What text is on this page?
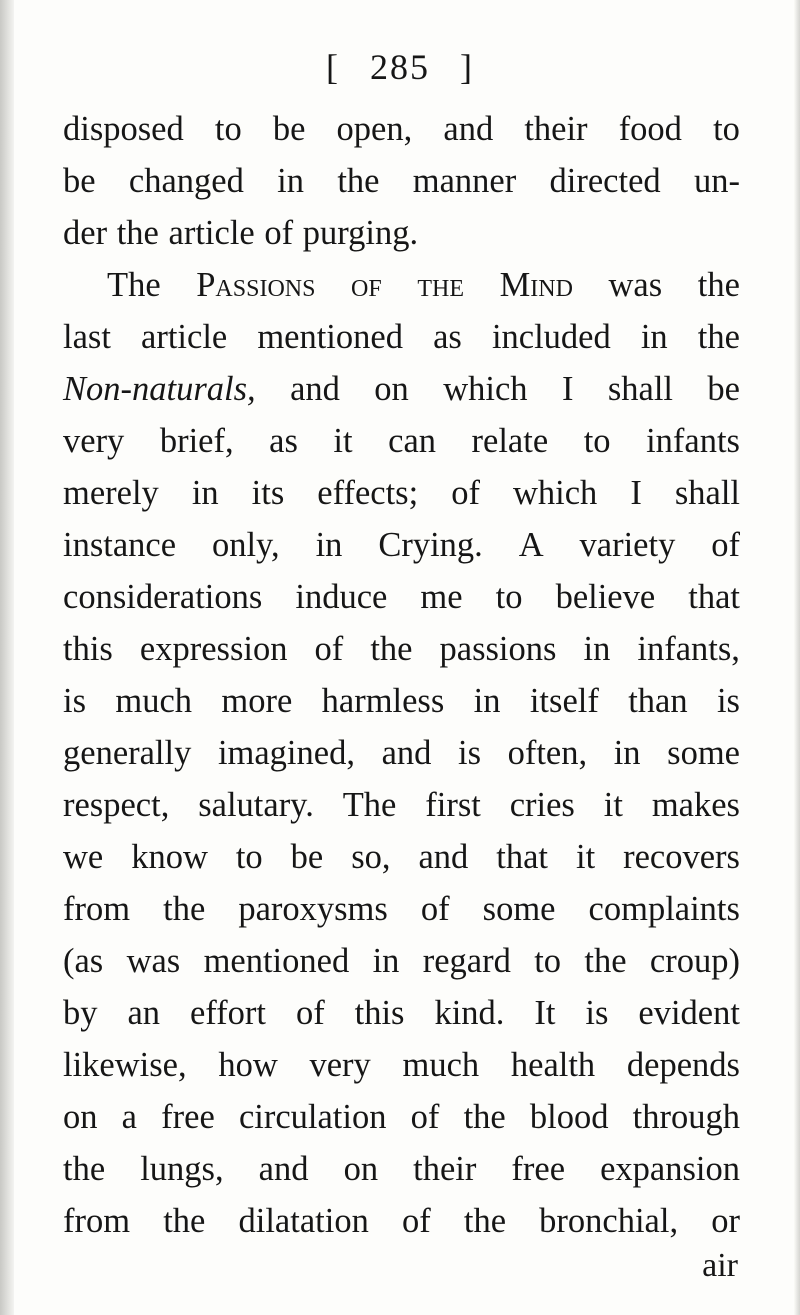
[ 285 ]
disposed to be open, and their food to
be changed in the manner directed un-
der the article of purging.
The Passions of the Mind was the
last article mentioned as included in the
Non-naturals, and on which I shall be
very brief, as it can relate to infants
merely in its effects; of which I shall
instance only, in Crying. A variety of
considerations induce me to believe that
this expression of the passions in infants,
is much more harmless in itself than is
generally imagined, and is often, in some
respect, salutary. The first cries it makes
we know to be so, and that it recovers
from the paroxysms of some complaints
(as was mentioned in regard to the croup)
by an effort of this kind. It is evident
likewise, how very much health depends
on a free circulation of the blood through
the lungs, and on their free expansion
from the dilatation of the bronchial, or
air
